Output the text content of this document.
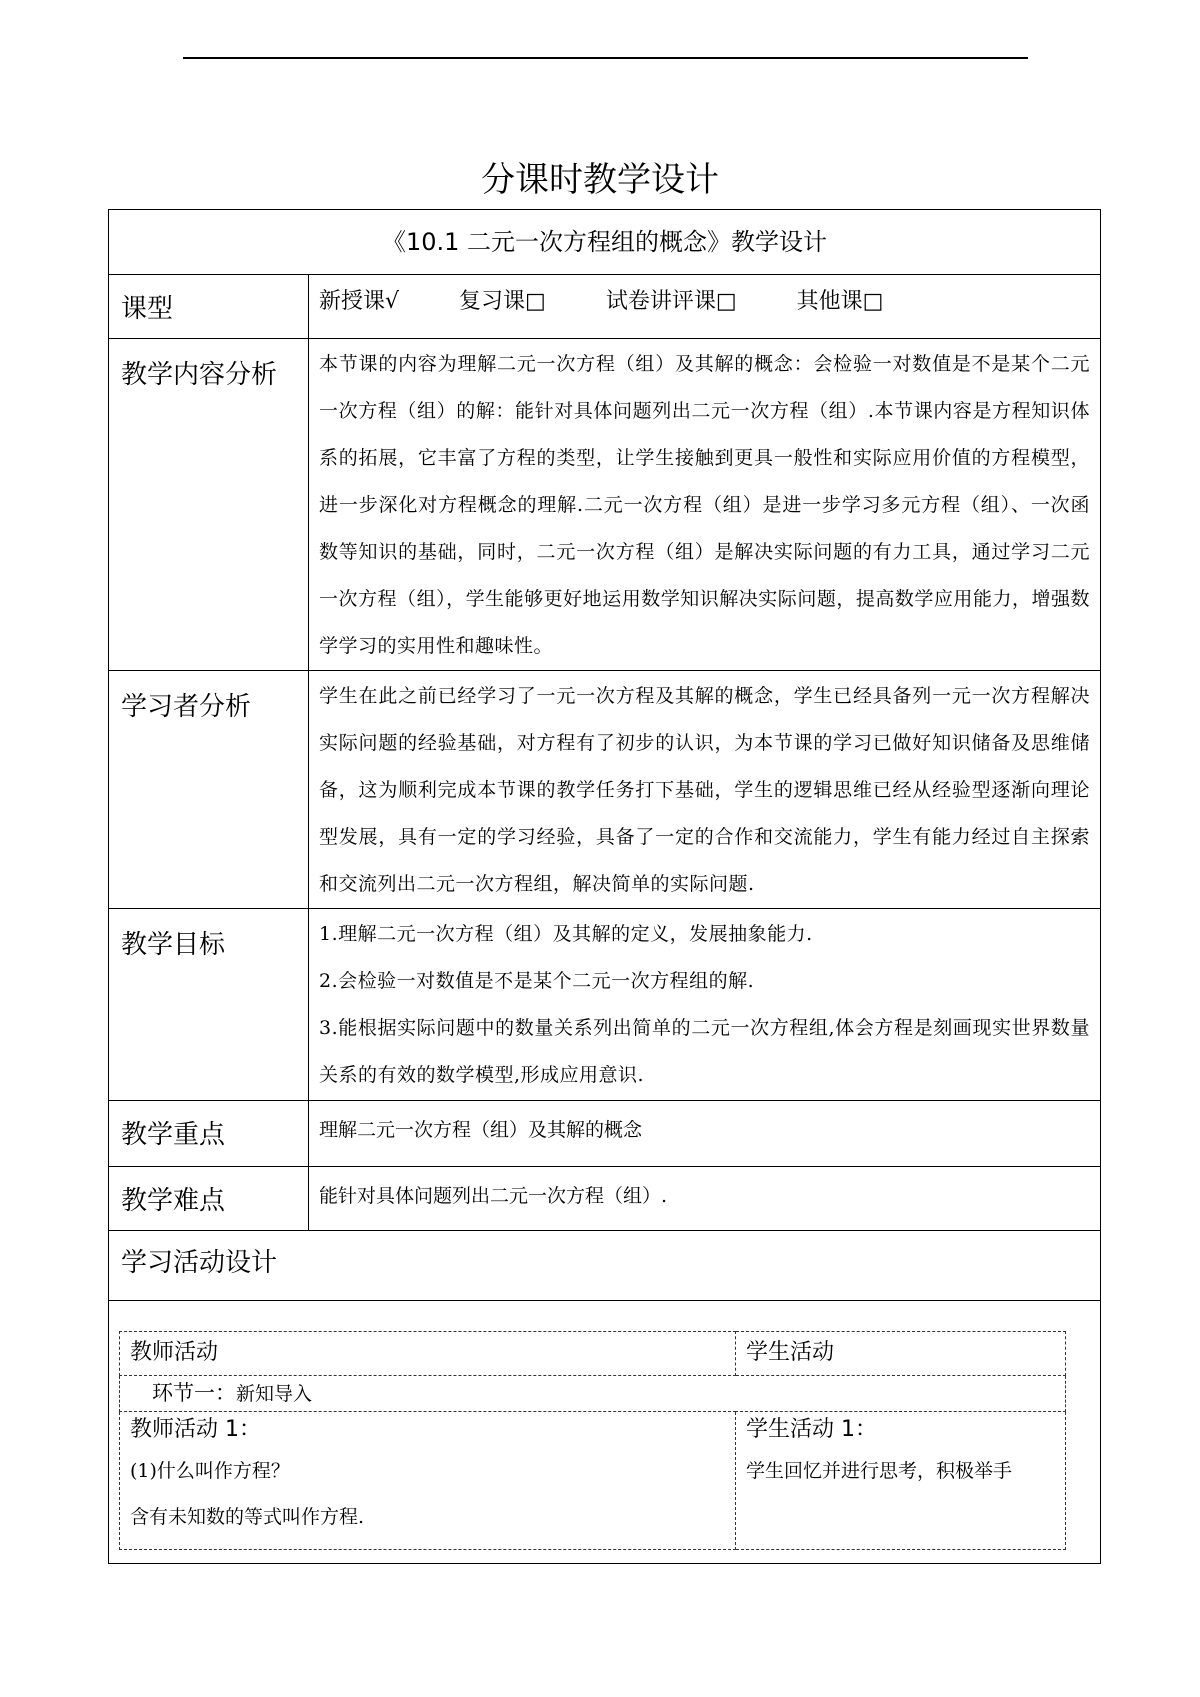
分课时教学设计
《10.1 二元一次方程组的概念》教学设计

课型	新授课√	复习课□	试卷讲评课□	其他课□

教学内容分析	本节课的内容为理解二元一次方程（组）及其解的概念：会检验一对数值是不是某个二元一次方程（组）的解：能针对具体问题列出二元一次方程（组）.本节课内容是方程知识体系的拓展，它丰富了方程的类型，让学生接触到更具一般性和实际应用价值的方程模型，进一步深化对方程概念的理解.二元一次方程（组）是进一步学习多元方程（组）、一次函数等知识的基础，同时，二元一次方程（组）是解决实际问题的有力工具，通过学习二元一次方程（组），学生能够更好地运用数学知识解决实际问题，提高数学应用能力，增强数学学习的实用性和趣味性。

学习者分析	学生在此之前已经学习了一元一次方程及其解的概念，学生已经具备列一元一次方程解决实际问题的经验基础，对方程有了初步的认识，为本节课的学习已做好知识储备及思维储备，这为顺利完成本节课的教学任务打下基础，学生的逻辑思维已经从经验型逐渐向理论型发展，具有一定的学习经验，具备了一定的合作和交流能力，学生有能力经过自主探索和交流列出二元一次方程组，解决简单的实际问题.

教学目标	1.理解二元一次方程（组）及其解的定义，发展抽象能力.
2.会检验一对数值是不是某个二元一次方程组的解.
3.能根据实际问题中的数量关系列出简单的二元一次方程组,体会方程是刻画现实世界数量关系的有效的数学模型,形成应用意识.

教学重点	理解二元一次方程（组）及其解的概念

教学难点	能针对具体问题列出二元一次方程（组）.

学习活动设计

教师活动	学生活动
环节一：新知导入

教师活动 1：
(1)什么叫作方程？
含有未知数的等式叫作方程.

学生活动 1：
学生回忆并进行思考，积极举手
